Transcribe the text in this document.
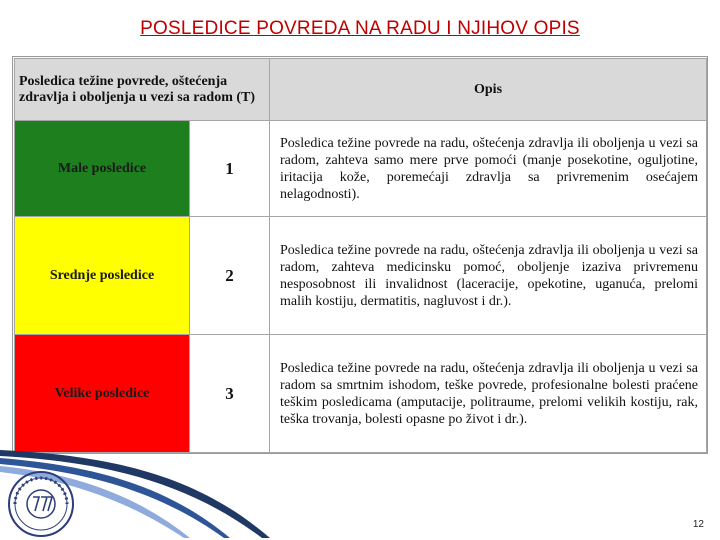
POSLEDICE POVREDA NA RADU I NJIHOV OPIS
Posledica težine povrede, oštećenja zdravlja i oboljenja u vezi sa radom (T)		Opis
Male posledice	1	Posledica težine povrede na radu, oštećenja zdravlja ili oboljenja u vezi sa radom, zahteva samo mere prve pomoći (manje posekotine, oguljotine, iritacija kože, poremećaji zdravlja sa privremenim osećajem nelagodnosti).
Srednje posledice	2	Posledica težine povrede na radu, oštećenja zdravlja ili oboljenja u vezi sa radom, zahteva medicinsku pomoć, oboljenje izaziva privremenu nesposobnost ili invalidnost (laceracije, opekotine, uganuća, prelomi malih kostiju, dermatitis, nagluvost i dr.).
Velike posledice	3	Posledica težine povrede na radu, oštećenja zdravlja ili oboljenja u vezi sa radom sa smrtnim ishodom, teške povrede, profesionalne bolesti praćene teškim posledicama (amputacije, politraume, prelomi velikih kostiju, rak, teška trovanja, bolesti opasne po život i dr.).
12
